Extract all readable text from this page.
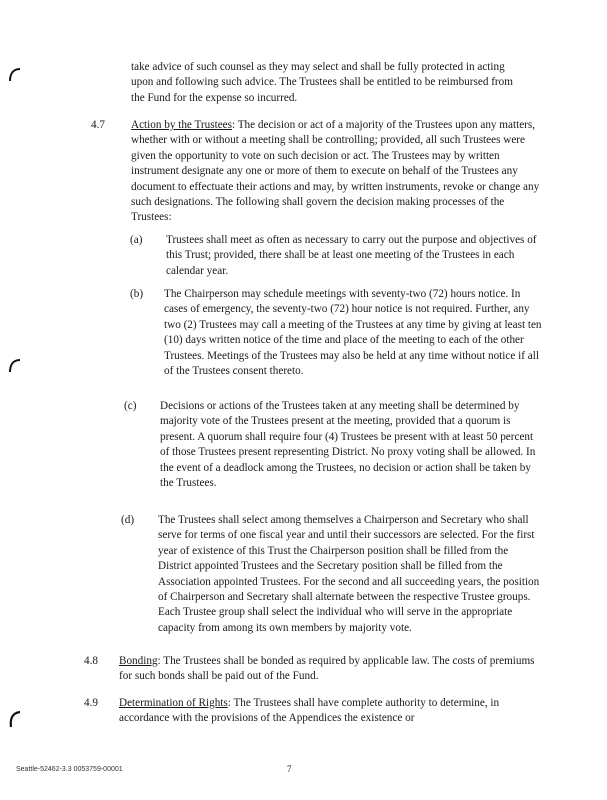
take advice of such counsel as they may select and shall be fully protected in acting upon and following such advice. The Trustees shall be entitled to be reimbursed from the Fund for the expense so incurred.
4.7 Action by the Trustees: The decision or act of a majority of the Trustees upon any matters, whether with or without a meeting shall be controlling; provided, all such Trustees were given the opportunity to vote on such decision or act. The Trustees may by written instrument designate any one or more of them to execute on behalf of the Trustees any document to effectuate their actions and may, by written instruments, revoke or change any such designations. The following shall govern the decision making processes of the Trustees:
(a) Trustees shall meet as often as necessary to carry out the purpose and objectives of this Trust; provided, there shall be at least one meeting of the Trustees in each calendar year.
(b) The Chairperson may schedule meetings with seventy-two (72) hours notice. In cases of emergency, the seventy-two (72) hour notice is not required. Further, any two (2) Trustees may call a meeting of the Trustees at any time by giving at least ten (10) days written notice of the time and place of the meeting to each of the other Trustees. Meetings of the Trustees may also be held at any time without notice if all of the Trustees consent thereto.
(c) Decisions or actions of the Trustees taken at any meeting shall be determined by majority vote of the Trustees present at the meeting, provided that a quorum is present. A quorum shall require four (4) Trustees be present with at least 50 percent of those Trustees present representing District. No proxy voting shall be allowed. In the event of a deadlock among the Trustees, no decision or action shall be taken by the Trustees.
(d) The Trustees shall select among themselves a Chairperson and Secretary who shall serve for terms of one fiscal year and until their successors are selected. For the first year of existence of this Trust the Chairperson position shall be filled from the District appointed Trustees and the Secretary position shall be filled from the Association appointed Trustees. For the second and all succeeding years, the position of Chairperson and Secretary shall alternate between the respective Trustee groups. Each Trustee group shall select the individual who will serve in the appropriate capacity from among its own members by majority vote.
4.8 Bonding: The Trustees shall be bonded as required by applicable law. The costs of premiums for such bonds shall be paid out of the Fund.
4.9 Determination of Rights: The Trustees shall have complete authority to determine, in accordance with the provisions of the Appendices the existence or
Seattle-52462-3.3 0053759-00001	7
